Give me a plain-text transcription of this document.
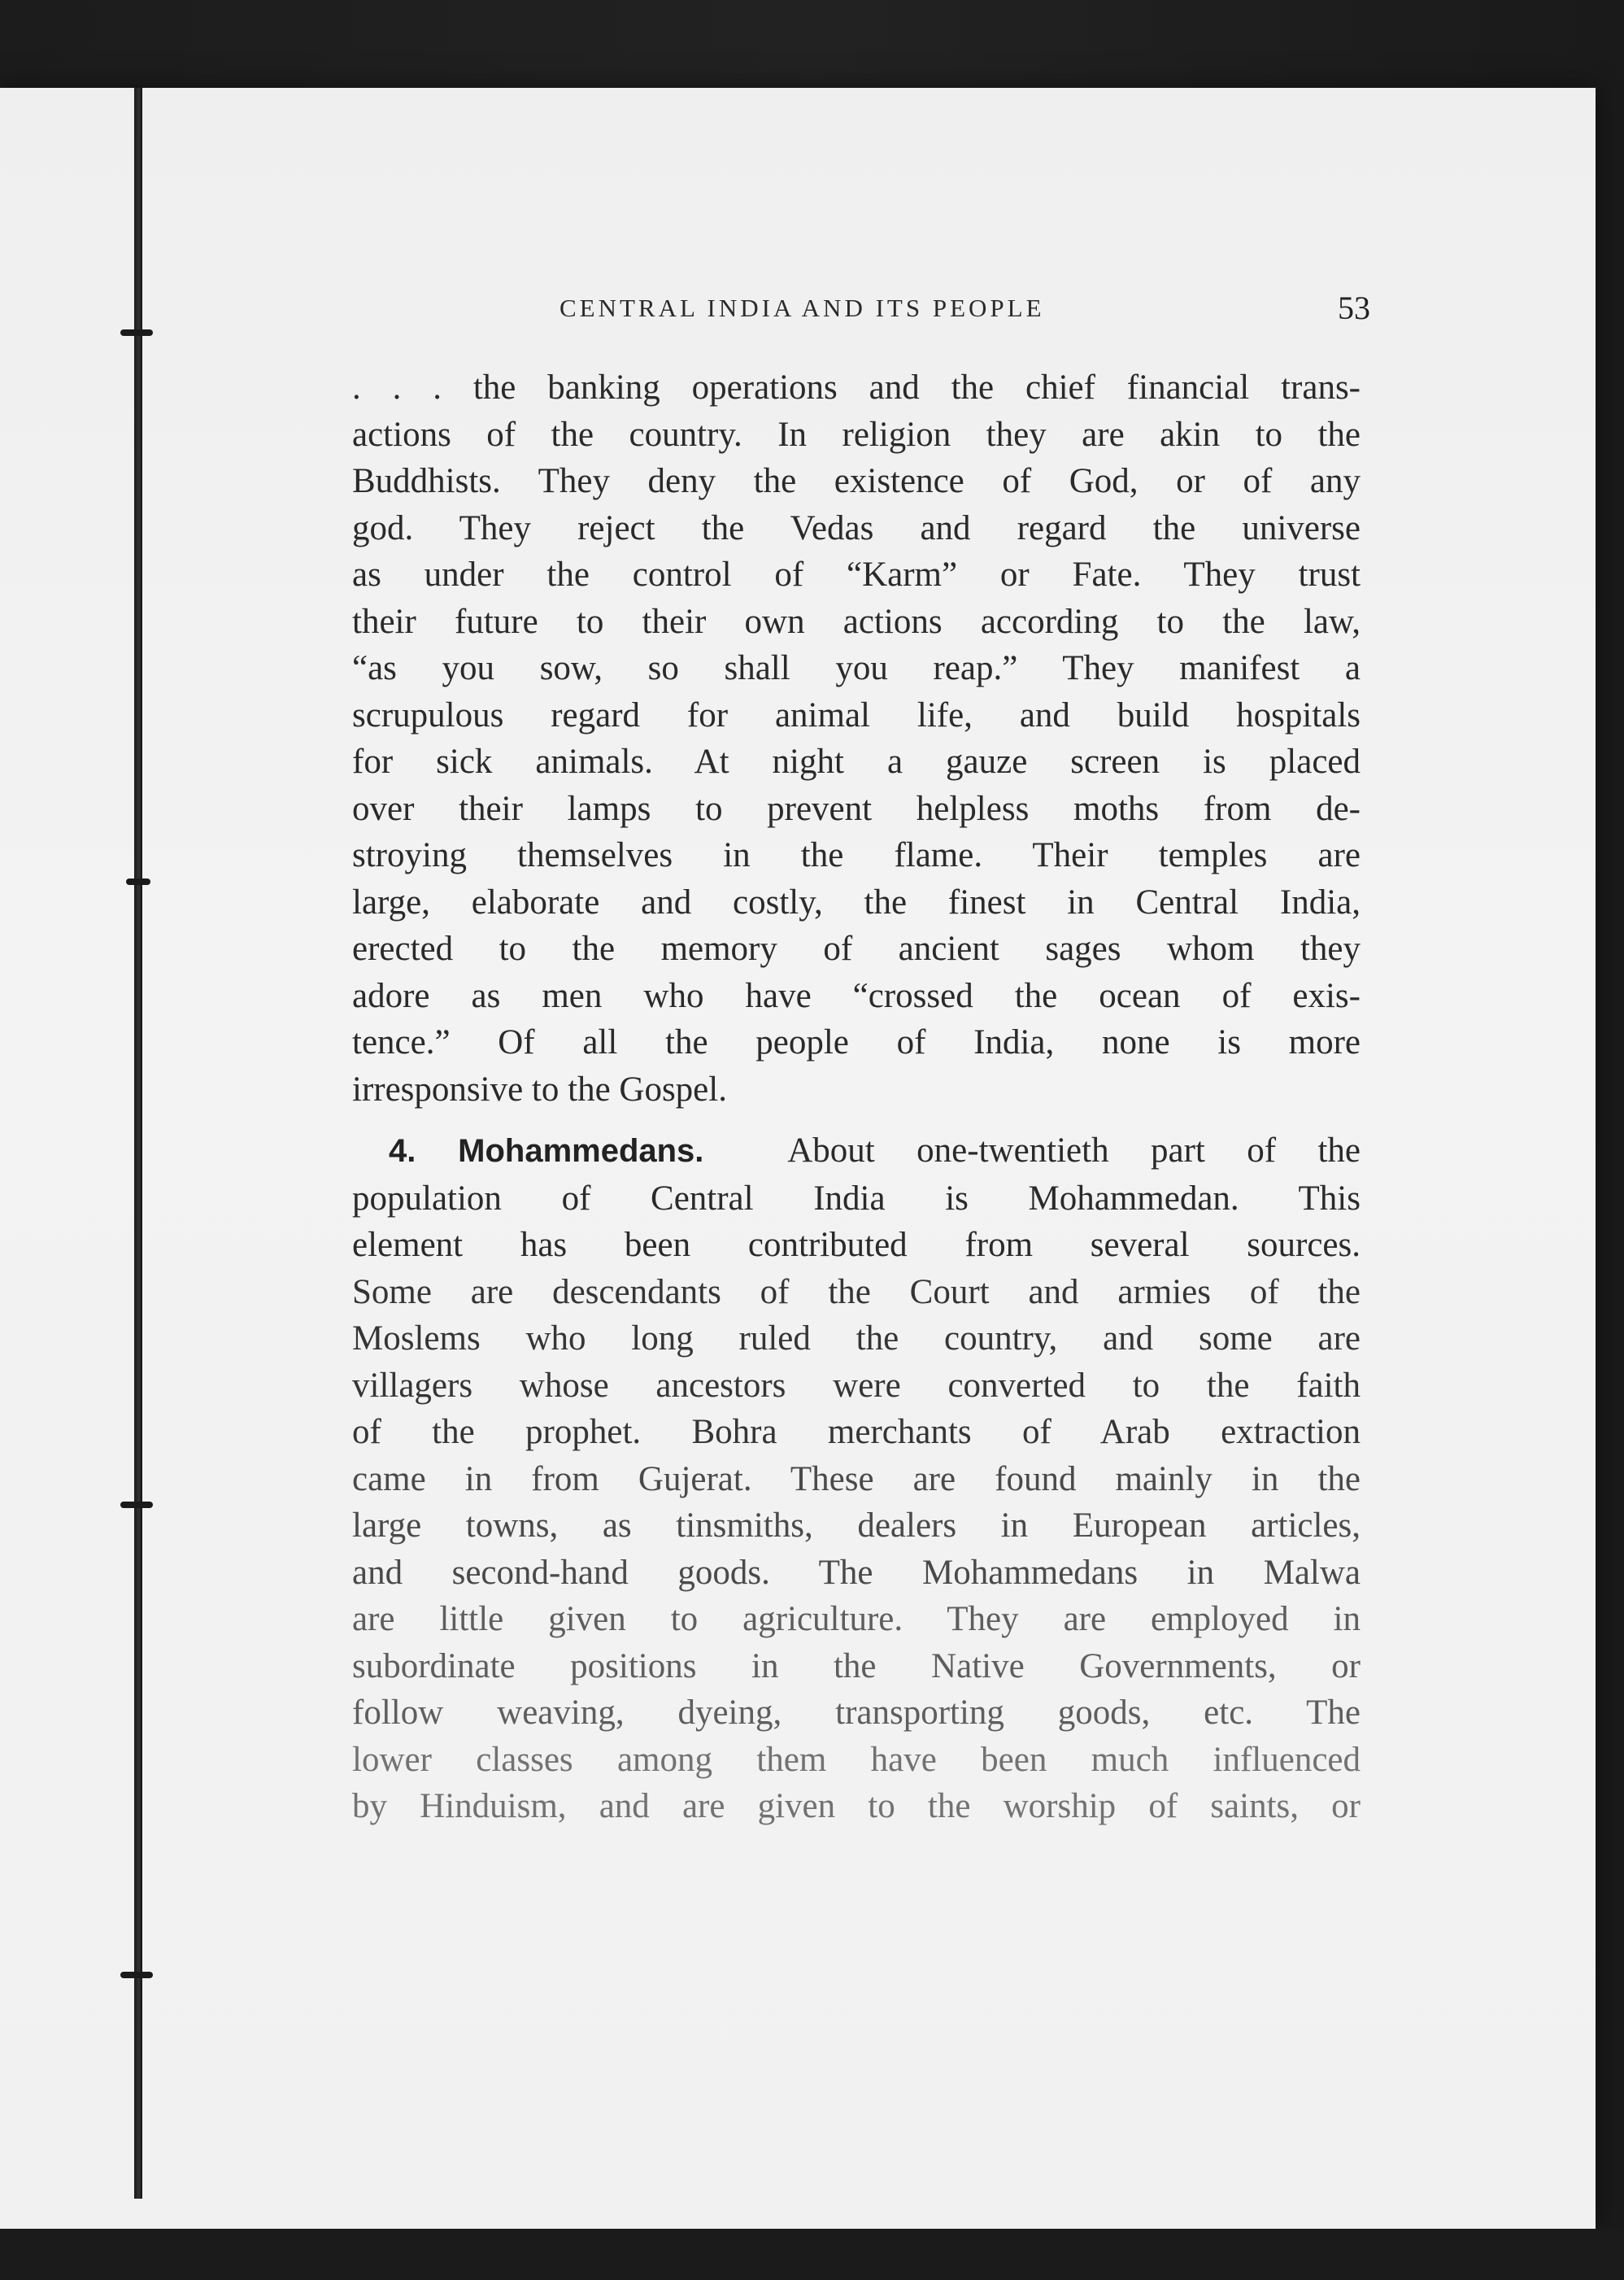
CENTRAL INDIA AND ITS PEOPLE	53

. . . the banking operations and the chief financial trans-
actions of the country. In religion they are akin to the
Buddhists. They deny the existence of God, or of any
god. They reject the Vedas and regard the universe
as under the control of “Karm” or Fate. They trust
their future to their own actions according to the law,
“as you sow, so shall you reap.” They manifest a
scrupulous regard for animal life, and build hospitals
for sick animals. At night a gauze screen is placed
over their lamps to prevent helpless moths from de-
stroying themselves in the flame. Their temples are
large, elaborate and costly, the finest in Central India,
erected to the memory of ancient sages whom they
adore as men who have “crossed the ocean of exis-
tence.” Of all the people of India, none is more
irresponsive to the Gospel.

4. Mohammedans. About one-twentieth part of the
population of Central India is Mohammedan. This
element has been contributed from several sources.
Some are descendants of the Court and armies of the
Moslems who long ruled the country, and some are
villagers whose ancestors were converted to the faith
of the prophet. Bohra merchants of Arab extraction
came in from Gujerat. These are found mainly in the
large towns, as tinsmiths, dealers in European articles,
and second-hand goods. The Mohammedans in Malwa
are little given to agriculture. They are employed in
subordinate positions in the Native Governments, or
follow weaving, dyeing, transporting goods, etc. The
lower classes among them have been much influenced
by Hinduism, and are given to the worship of saints, or
